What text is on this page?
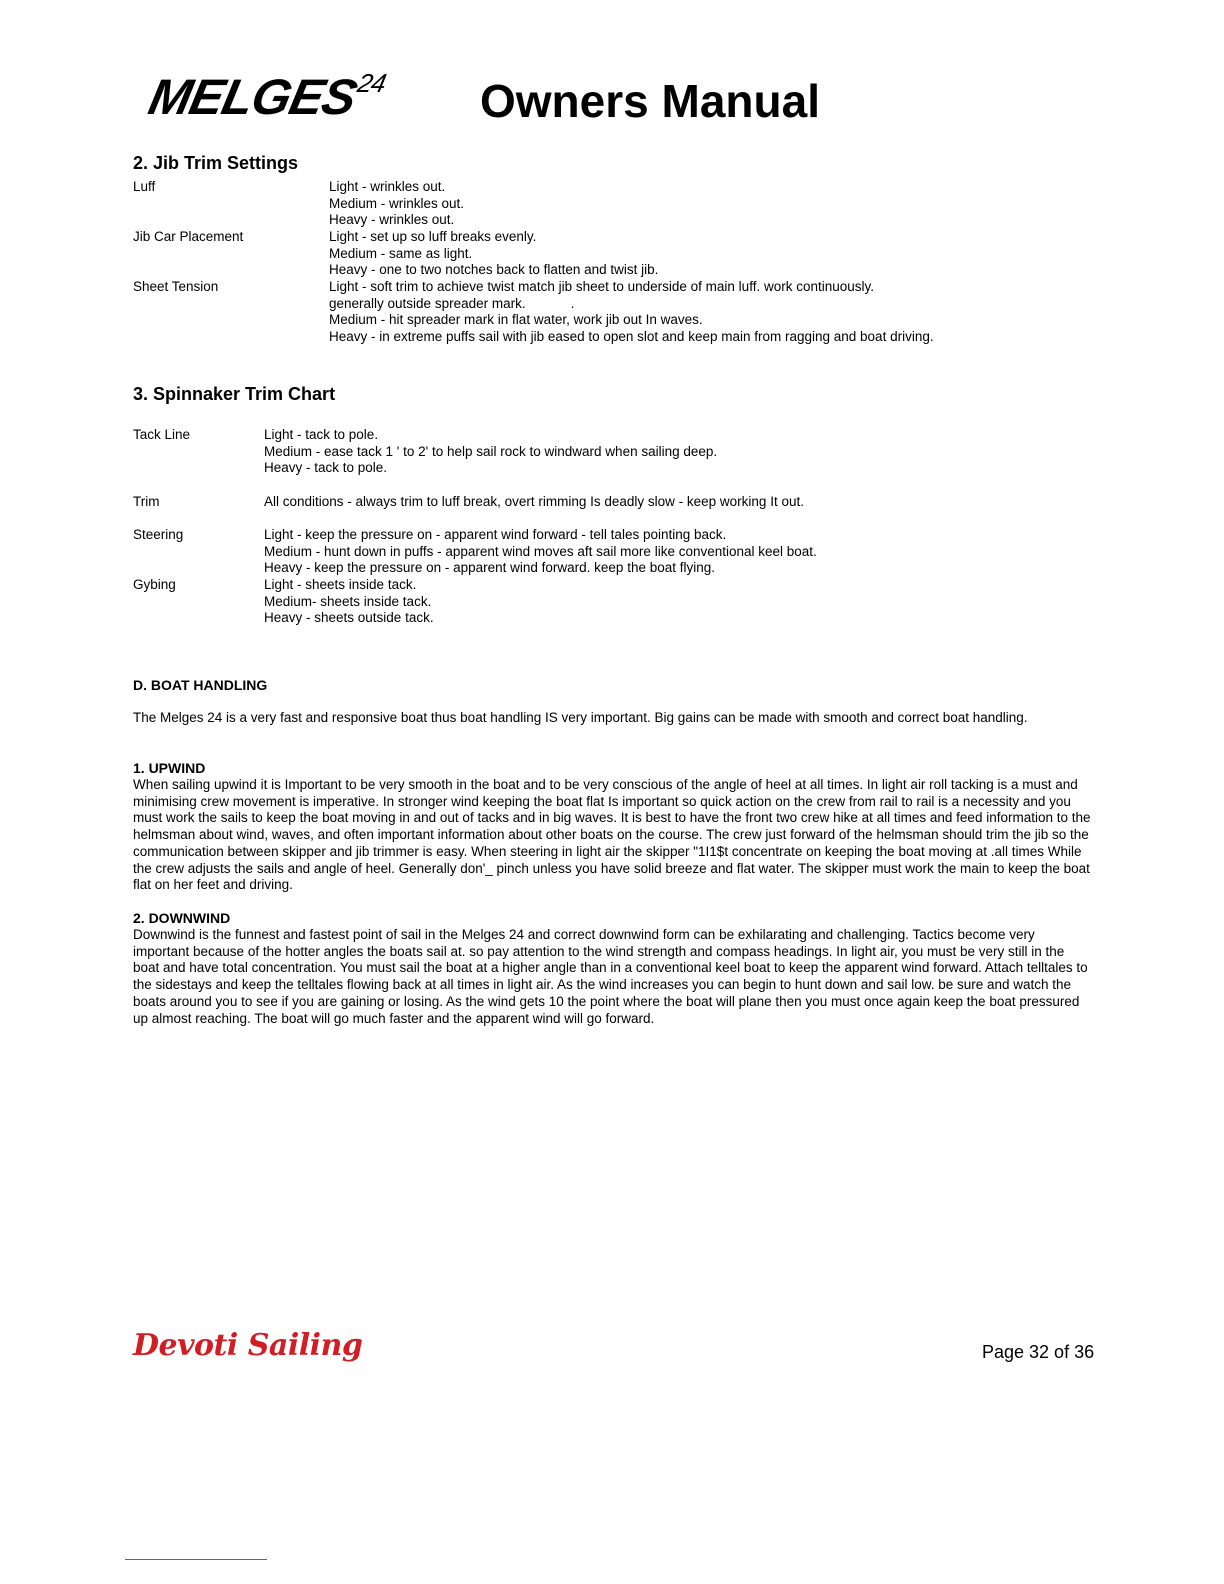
MELGES$^{24}$ Owners Manual
2. Jib Trim Settings
Luff	Light - wrinkles out.
Medium - wrinkles out.
Heavy - wrinkles out.
Jib Car Placement	Light - set up so luff breaks evenly.
Medium - same as light.
Heavy - one to two notches back to flatten and twist jib.
Sheet Tension	Light - soft trim to achieve twist match jib sheet to underside of main luff. work continuously.
generally outside spreader mark.            .
Medium - hit spreader mark in flat water, work jib out In waves.
Heavy - in extreme puffs sail with jib eased to open slot and keep main from ragging and boat driving.
3. Spinnaker Trim Chart
Tack Line	Light - tack to pole.
Medium - ease tack 1 ' to 2' to help sail rock to windward when sailing deep.
Heavy - tack to pole.
Trim	All conditions - always trim to luff break, overt rimming Is deadly slow - keep working It out.
Steering	Light - keep the pressure on - apparent wind forward - tell tales pointing back.
Medium - hunt down in puffs - apparent wind moves aft sail more like conventional keel boat.
Heavy - keep the pressure on - apparent wind forward. keep the boat flying.
Gybing	Light - sheets inside tack.
Medium- sheets inside tack.
Heavy - sheets outside tack.
D. BOAT HANDLING
The Melges 24 is a very fast and responsive boat thus boat handling IS very important. Big gains can be made with smooth and correct boat handling.
1. UPWIND
When sailing upwind it is Important to be very smooth in the boat and to be very conscious of the angle of heel at all times. In light air roll tacking is a must and minimising crew movement is imperative. In stronger wind keeping the boat flat Is important so quick action on the crew from rail to rail is a necessity and you must work the sails to keep the boat moving in and out of tacks and in big waves. It is best to have the front two crew hike at all times and feed information to the helmsman about wind, waves, and often important information about other boats on the course. The crew just forward of the helmsman should trim the jib so the communication between skipper and jib trimmer is easy. When steering in light air the skipper "1I1$t concentrate on keeping the boat moving at .all times While the crew adjusts the sails and angle of heel. Generally don'_ pinch unless you have solid breeze and flat water. The skipper must work the main to keep the boat flat on her feet and driving.
2. DOWNWIND
Downwind is the funnest and fastest point of sail in the Melges 24 and correct downwind form can be exhilarating and challenging. Tactics become very important because of the hotter angles the boats sail at. so pay attention to the wind strength and compass headings. In light air, you must be very still in the boat and have total concentration. You must sail the boat at a higher angle than in a conventional keel boat to keep the apparent wind forward. Attach telltales to the sidestays and keep the telltales flowing back at all times in light air. As the wind increases you can begin to hunt down and sail low. be sure and watch the boats around you to see if you are gaining or losing. As the wind gets 10 the point where the boat will plane then you must once again keep the boat pressured up almost reaching. The boat will go much faster and the apparent wind will go forward.
Devoti Sailing	Page 32 of 36
